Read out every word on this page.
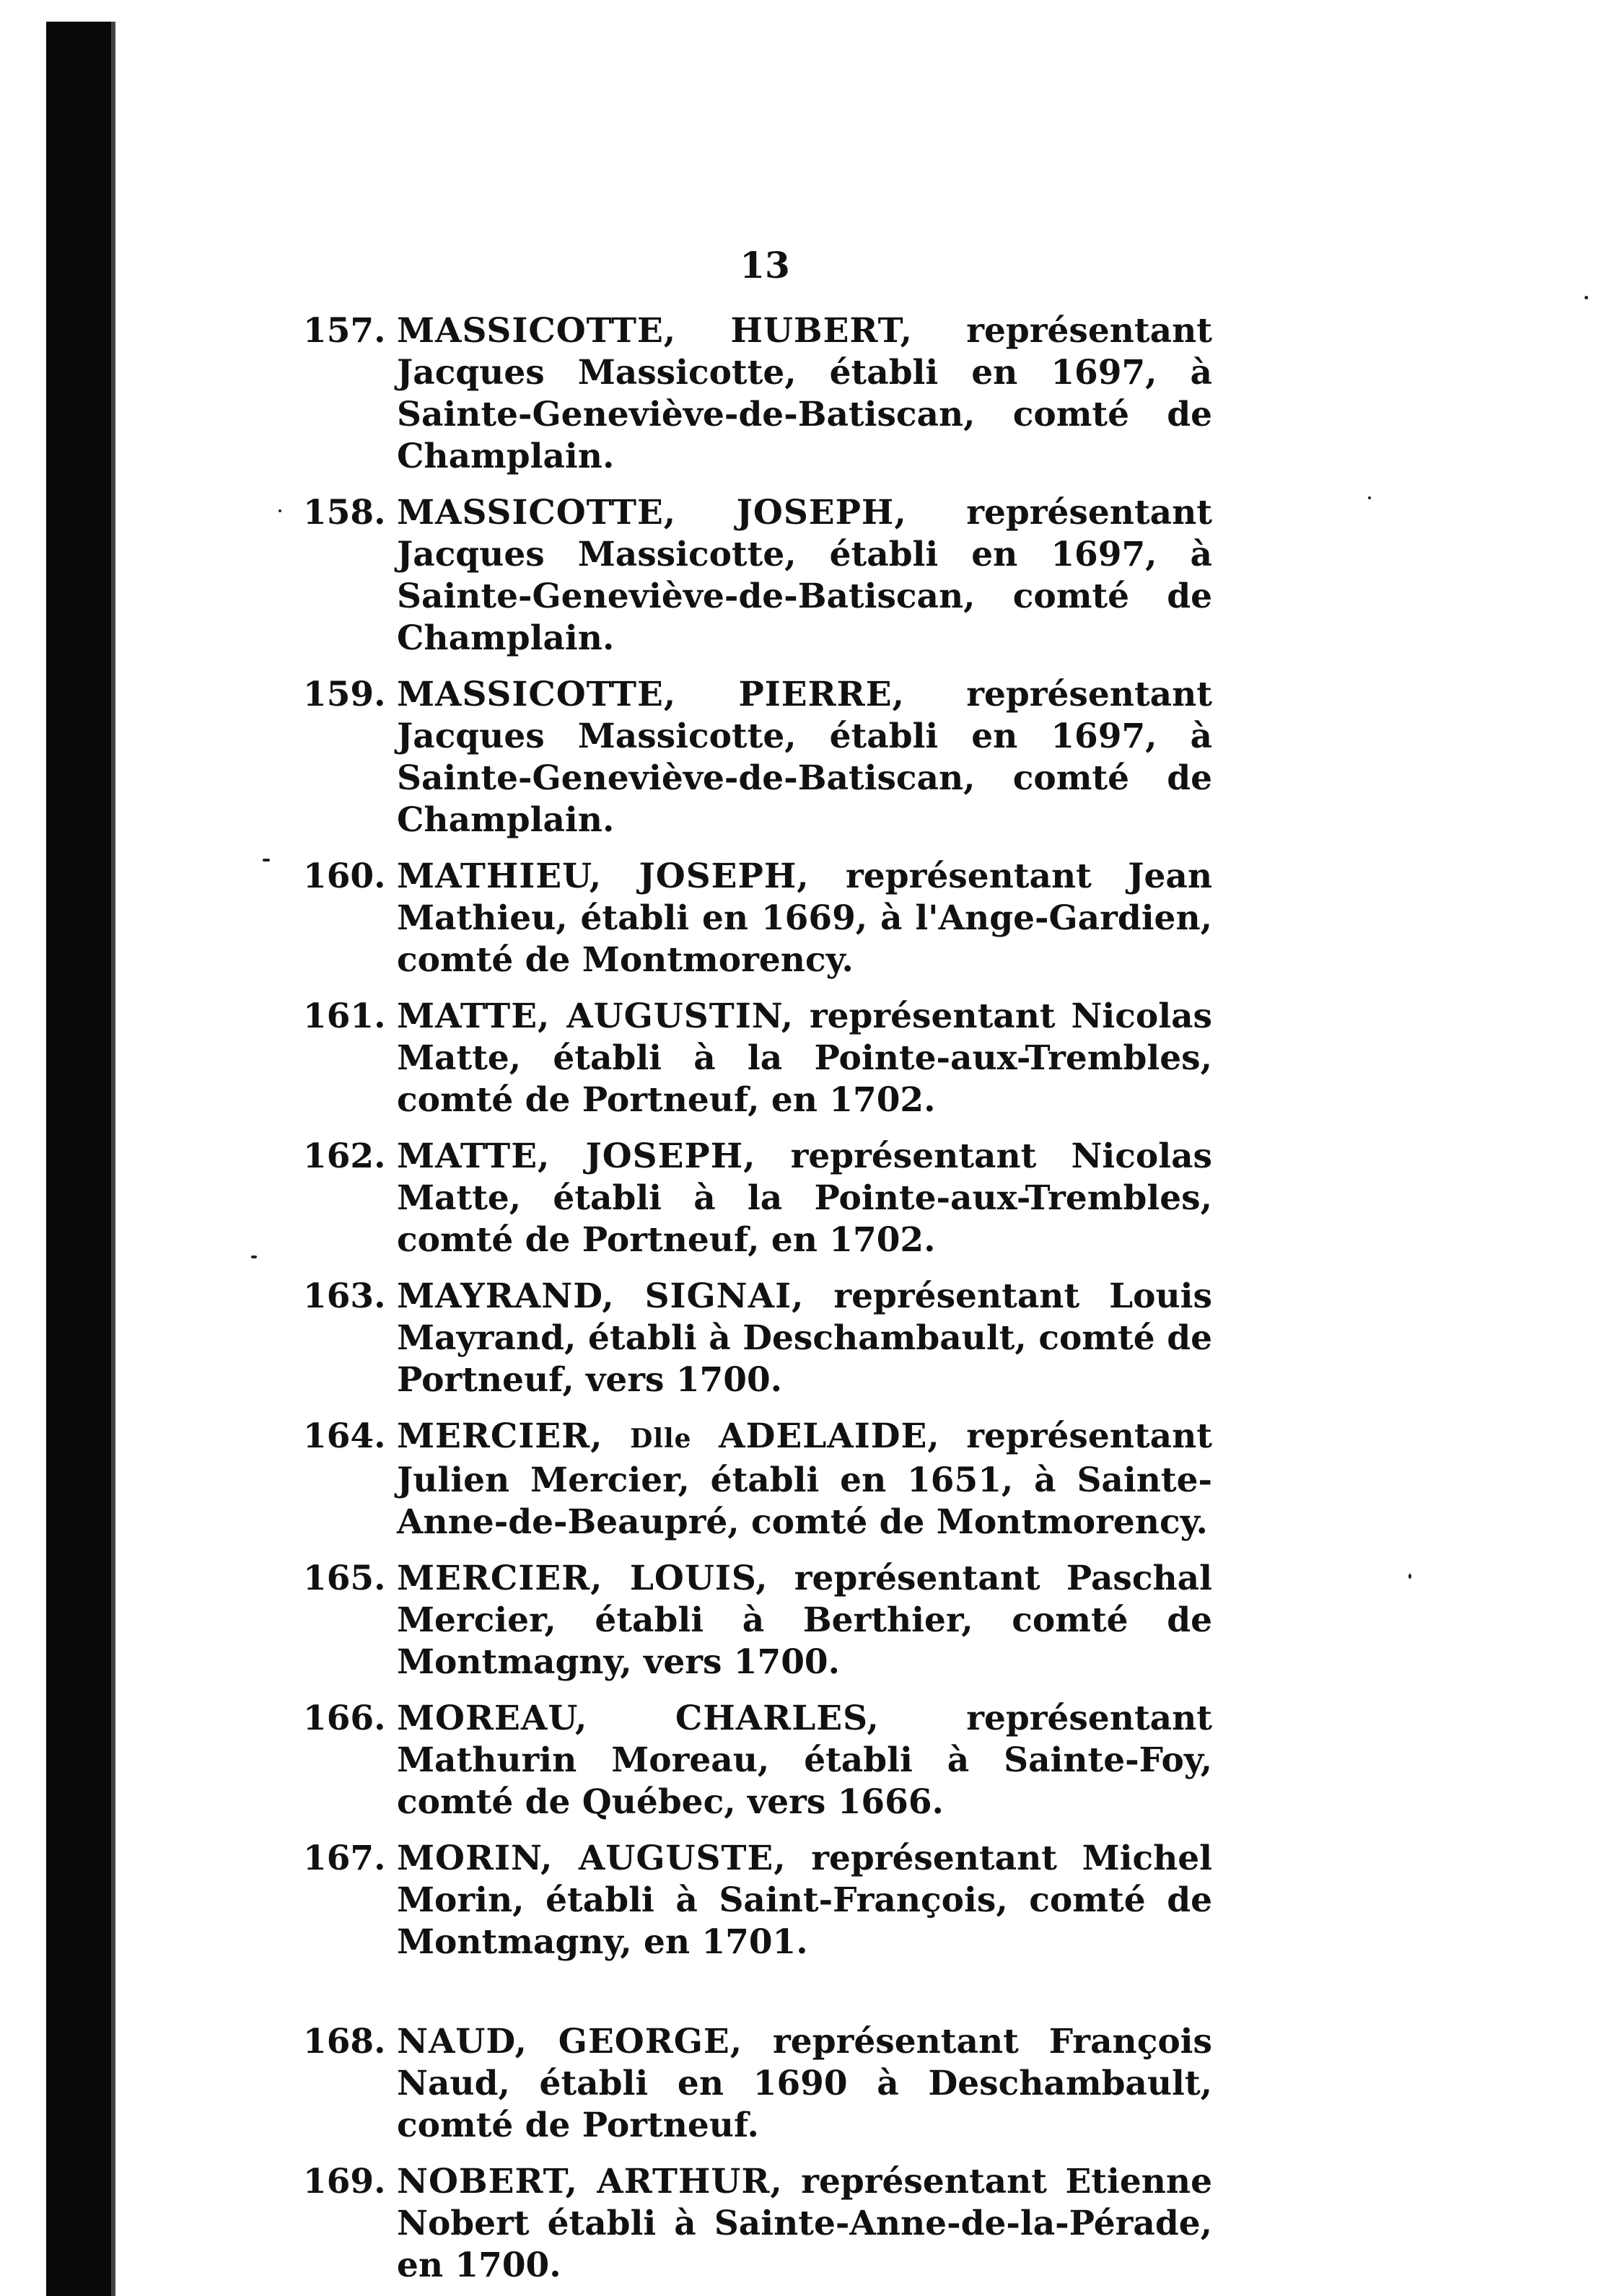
13
157. MASSICOTTE, HUBERT, représentant Jacques Massicotte, établi en 1697, à Sainte-Geneviève-de-Batiscan, comté de Champlain.
158. MASSICOTTE, JOSEPH, représentant Jacques Massicotte, établi en 1697, à Sainte-Geneviève-de-Batiscan, comté de Champlain.
159. MASSICOTTE, PIERRE, représentant Jacques Massicotte, établi en 1697, à Sainte-Geneviève-de-Batiscan, comté de Champlain.
160. MATHIEU, JOSEPH, représentant Jean Mathieu, établi en 1669, à l'Ange-Gardien, comté de Montmorency.
161. MATTE, AUGUSTIN, représentant Nicolas Matte, établi à la Pointe-aux-Trembles, comté de Portneuf, en 1702.
162. MATTE, JOSEPH, représentant Nicolas Matte, établi à la Pointe-aux-Trembles, comté de Portneuf, en 1702.
163. MAYRAND, SIGNAI, représentant Louis Mayrand, établi à Deschambault, comté de Portneuf, vers 1700.
164. MERCIER, Dlle ADELAIDE, représentant Julien Mercier, établi en 1651, à Sainte-Anne-de-Beaupré, comté de Montmorency.
165. MERCIER, LOUIS, représentant Paschal Mercier, établi à Berthier, comté de Montmagny, vers 1700.
166. MOREAU, CHARLES,	représentant Mathurin Moreau, établi à Sainte-Foy, comté de Québec, vers 1666.
167. MORIN, AUGUSTE, représentant Michel Morin, établi à Saint-François, comté de Montmagny, en 1701.
168. NAUD, GEORGE, représentant François Naud, établi en 1690 à Deschambault, comté de Portneuf.
169. NOBERT, ARTHUR, représentant Etienne Nobert établi à Sainte-Anne-de-la-Pérade, en 1700.
